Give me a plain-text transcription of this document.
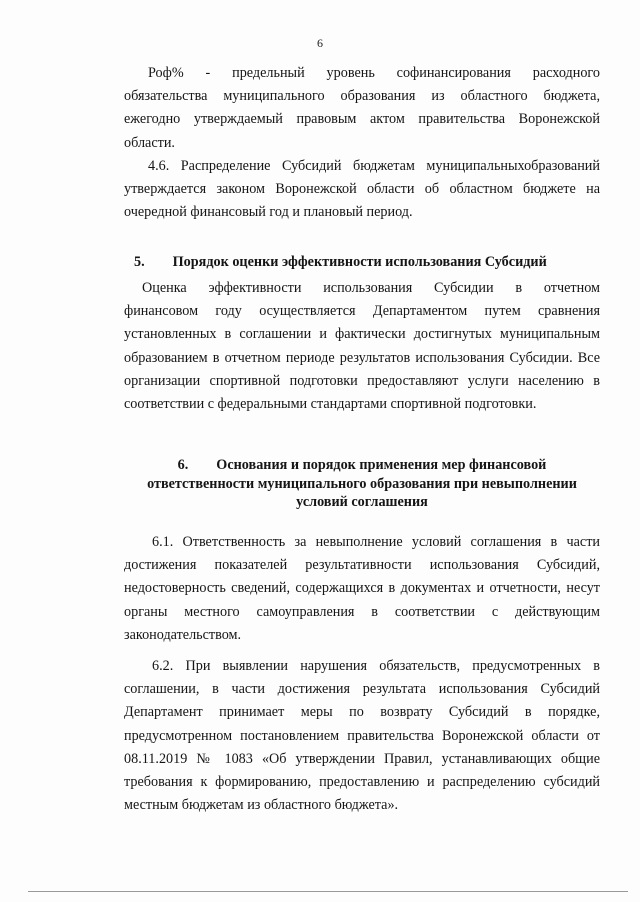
6
Роф% - предельный уровень софинансирования расходного
обязательства муниципального образования из областного бюджета,
ежегодно утверждаемый правовым актом правительства Воронежской
области.
4.6. Распределение Субсидий бюджетам муниципальныхобразований
утверждается законом Воронежской области об областном бюджете на
очередной финансовый год и плановый период.
5. Порядок оценки эффективности использования Субсидий
Оценка эффективности использования Субсидии в отчетном
финансовом году осуществляется Департаментом путем сравнения
установленных в соглашении и фактически достигнутых муниципальным
образованием в отчетном периоде результатов использования Субсидии. Все
организации спортивной подготовки предоставляют услуги населению в
соответствии с федеральными стандартами спортивной подготовки.
6. Основания и порядок применения мер финансовой
ответственности муниципального образования при невыполнении
условий соглашения
6.1. Ответственность за невыполнение условий соглашения в части
достижения показателей результативности использования Субсидий,
недостоверность сведений, содержащихся в документах и отчетности, несут
органы местного самоуправления в соответствии с действующим
законодательством.
6.2. При выявлении нарушения обязательств, предусмотренных в
соглашении, в части достижения результата использования Субсидий
Департамент принимает меры по возврату Субсидий в порядке,
предусмотренном постановлением правительства Воронежской области от
08.11.2019 № 1083 «Об утверждении Правил, устанавливающих общие
требования к формированию, предоставлению и распределению субсидий
местным бюджетам из областного бюджета».
